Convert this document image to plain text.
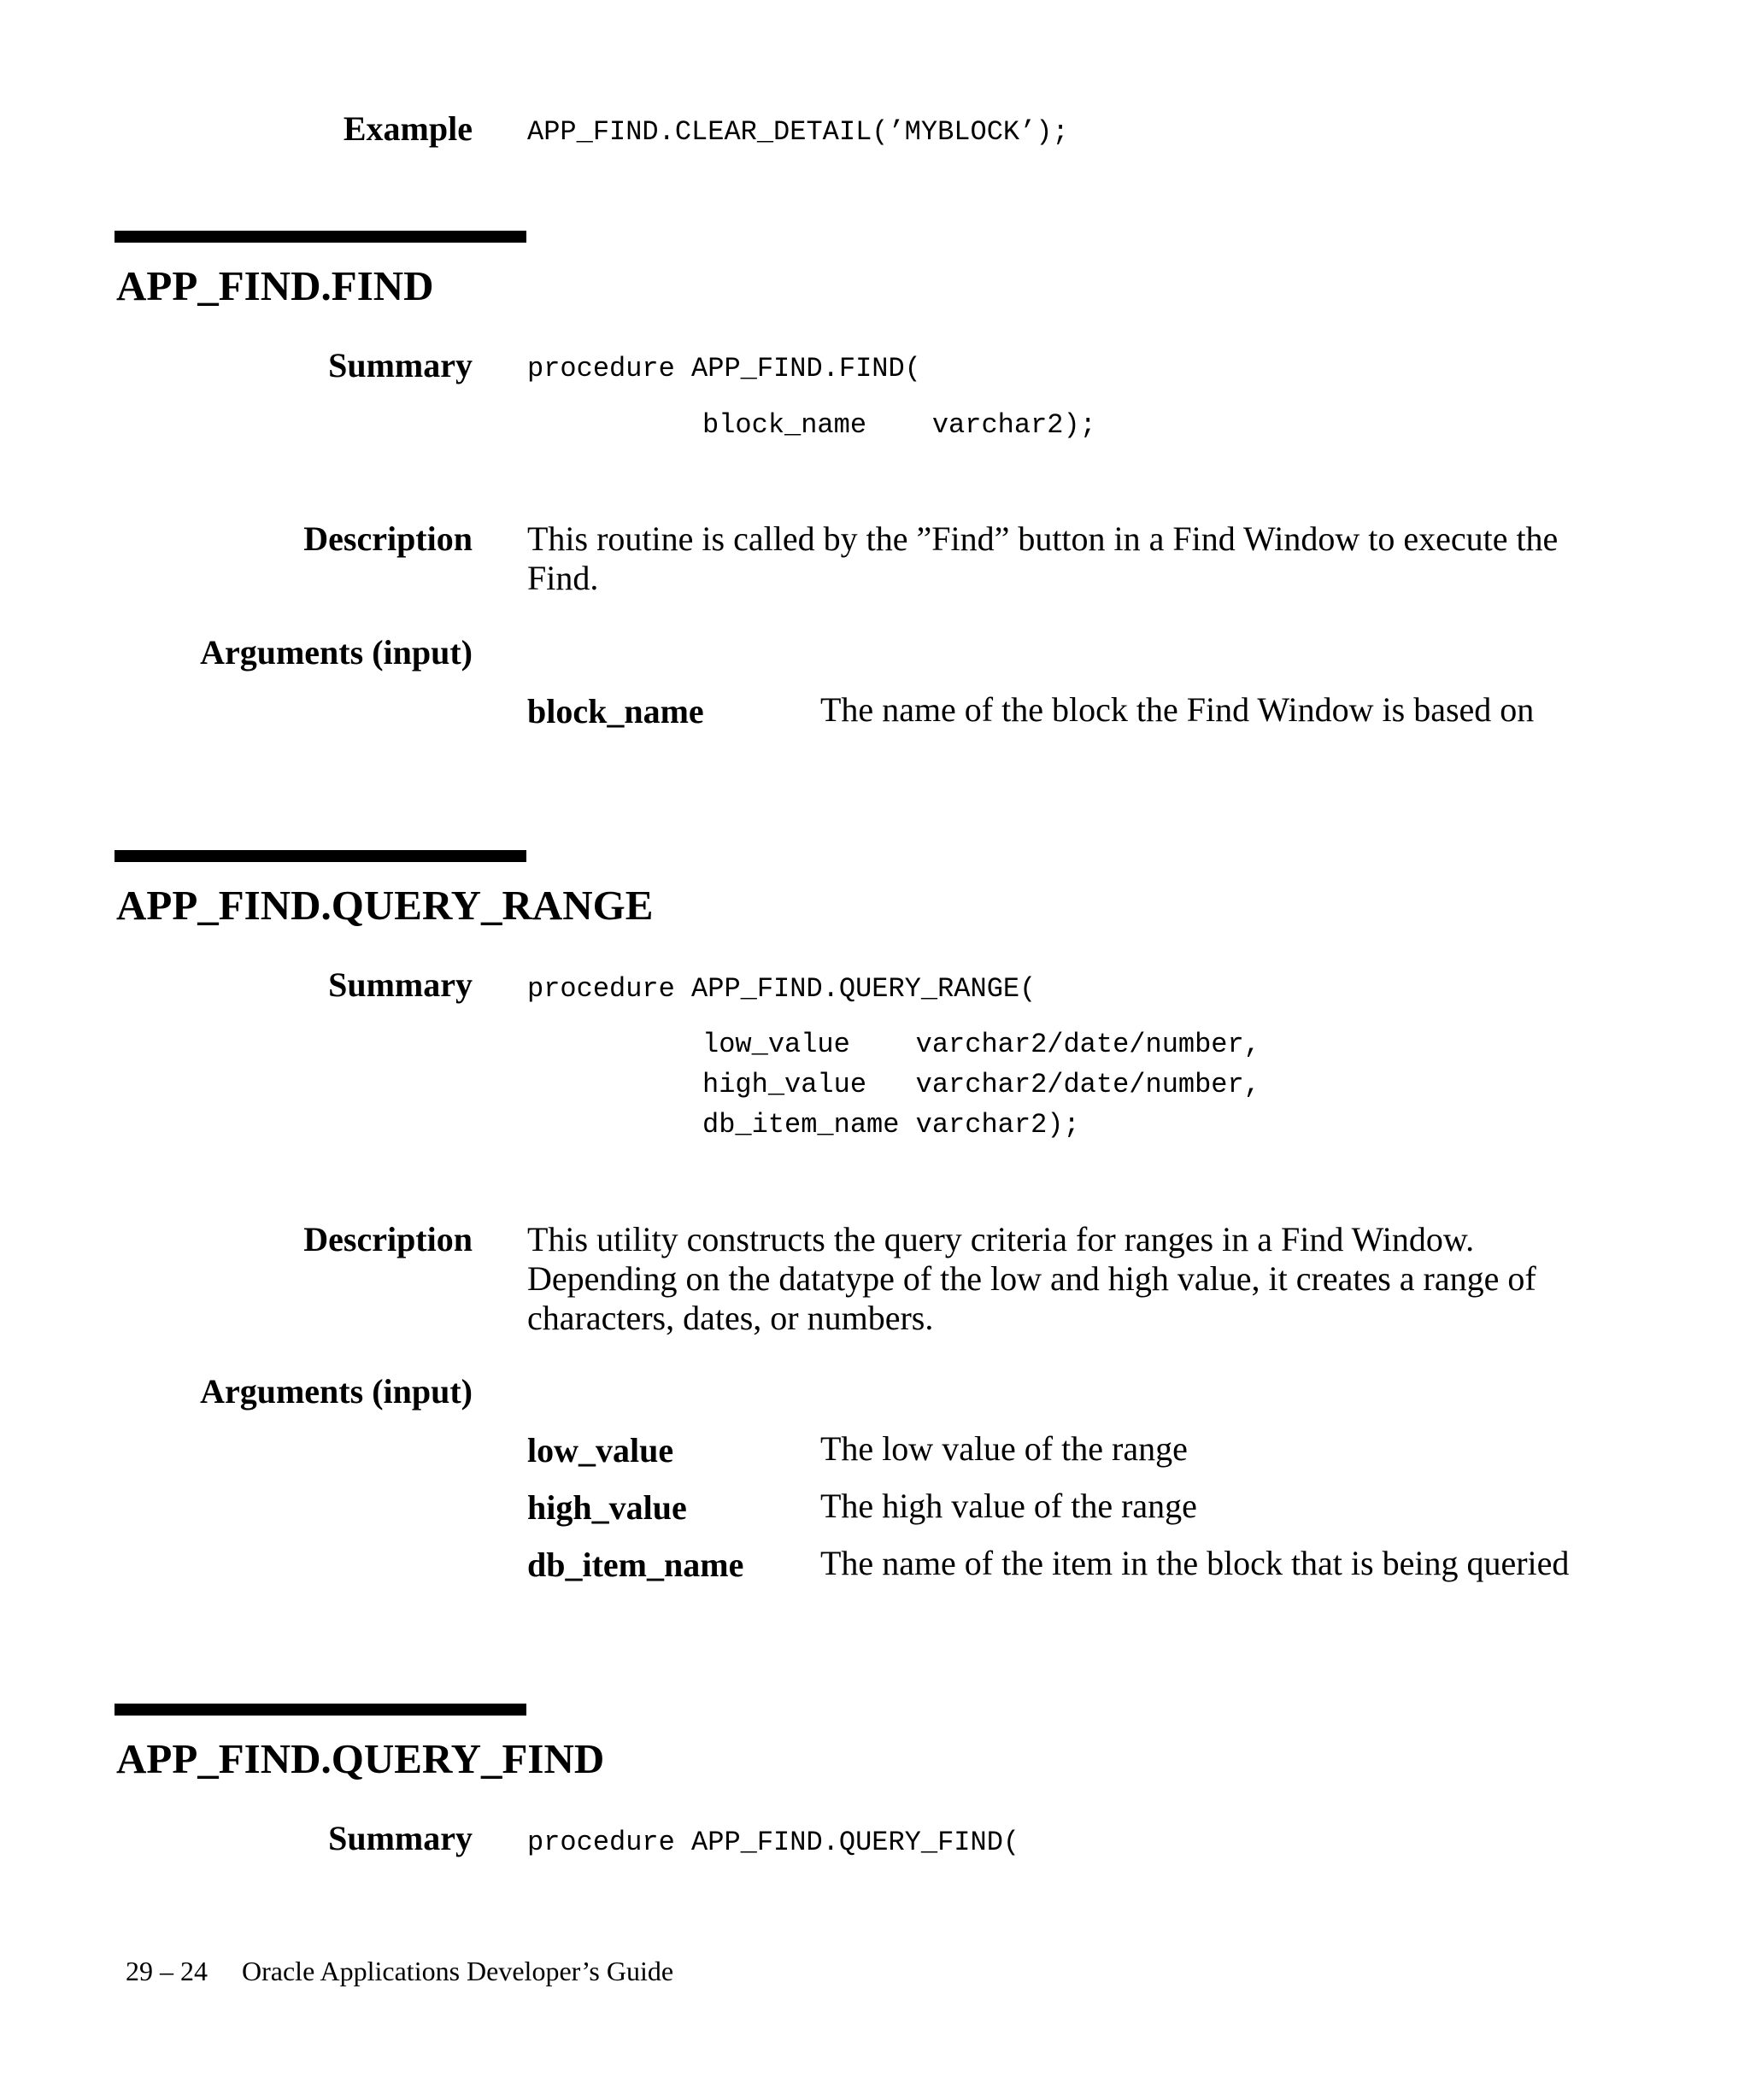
Example APP_FIND.CLEAR_DETAIL(’MYBLOCK’);
APP_FIND.FIND
Summary procedure APP_FIND.FIND(
block_name    varchar2);
Description This routine is called by the ”Find” button in a Find Window to execute the Find.
Arguments (input)
block_name	The name of the block the Find Window is based on
APP_FIND.QUERY_RANGE
Summary procedure APP_FIND.QUERY_RANGE(
low_value    varchar2/date/number,
high_value   varchar2/date/number,
db_item_name varchar2);
Description This utility constructs the query criteria for ranges in a Find Window. Depending on the datatype of the low and high value, it creates a range of characters, dates, or numbers.
Arguments (input)
low_value	The low value of the range
high_value	The high value of the range
db_item_name The name of the item in the block that is being queried
APP_FIND.QUERY_FIND
Summary procedure APP_FIND.QUERY_FIND(
29 – 24 Oracle Applications Developer’s Guide
